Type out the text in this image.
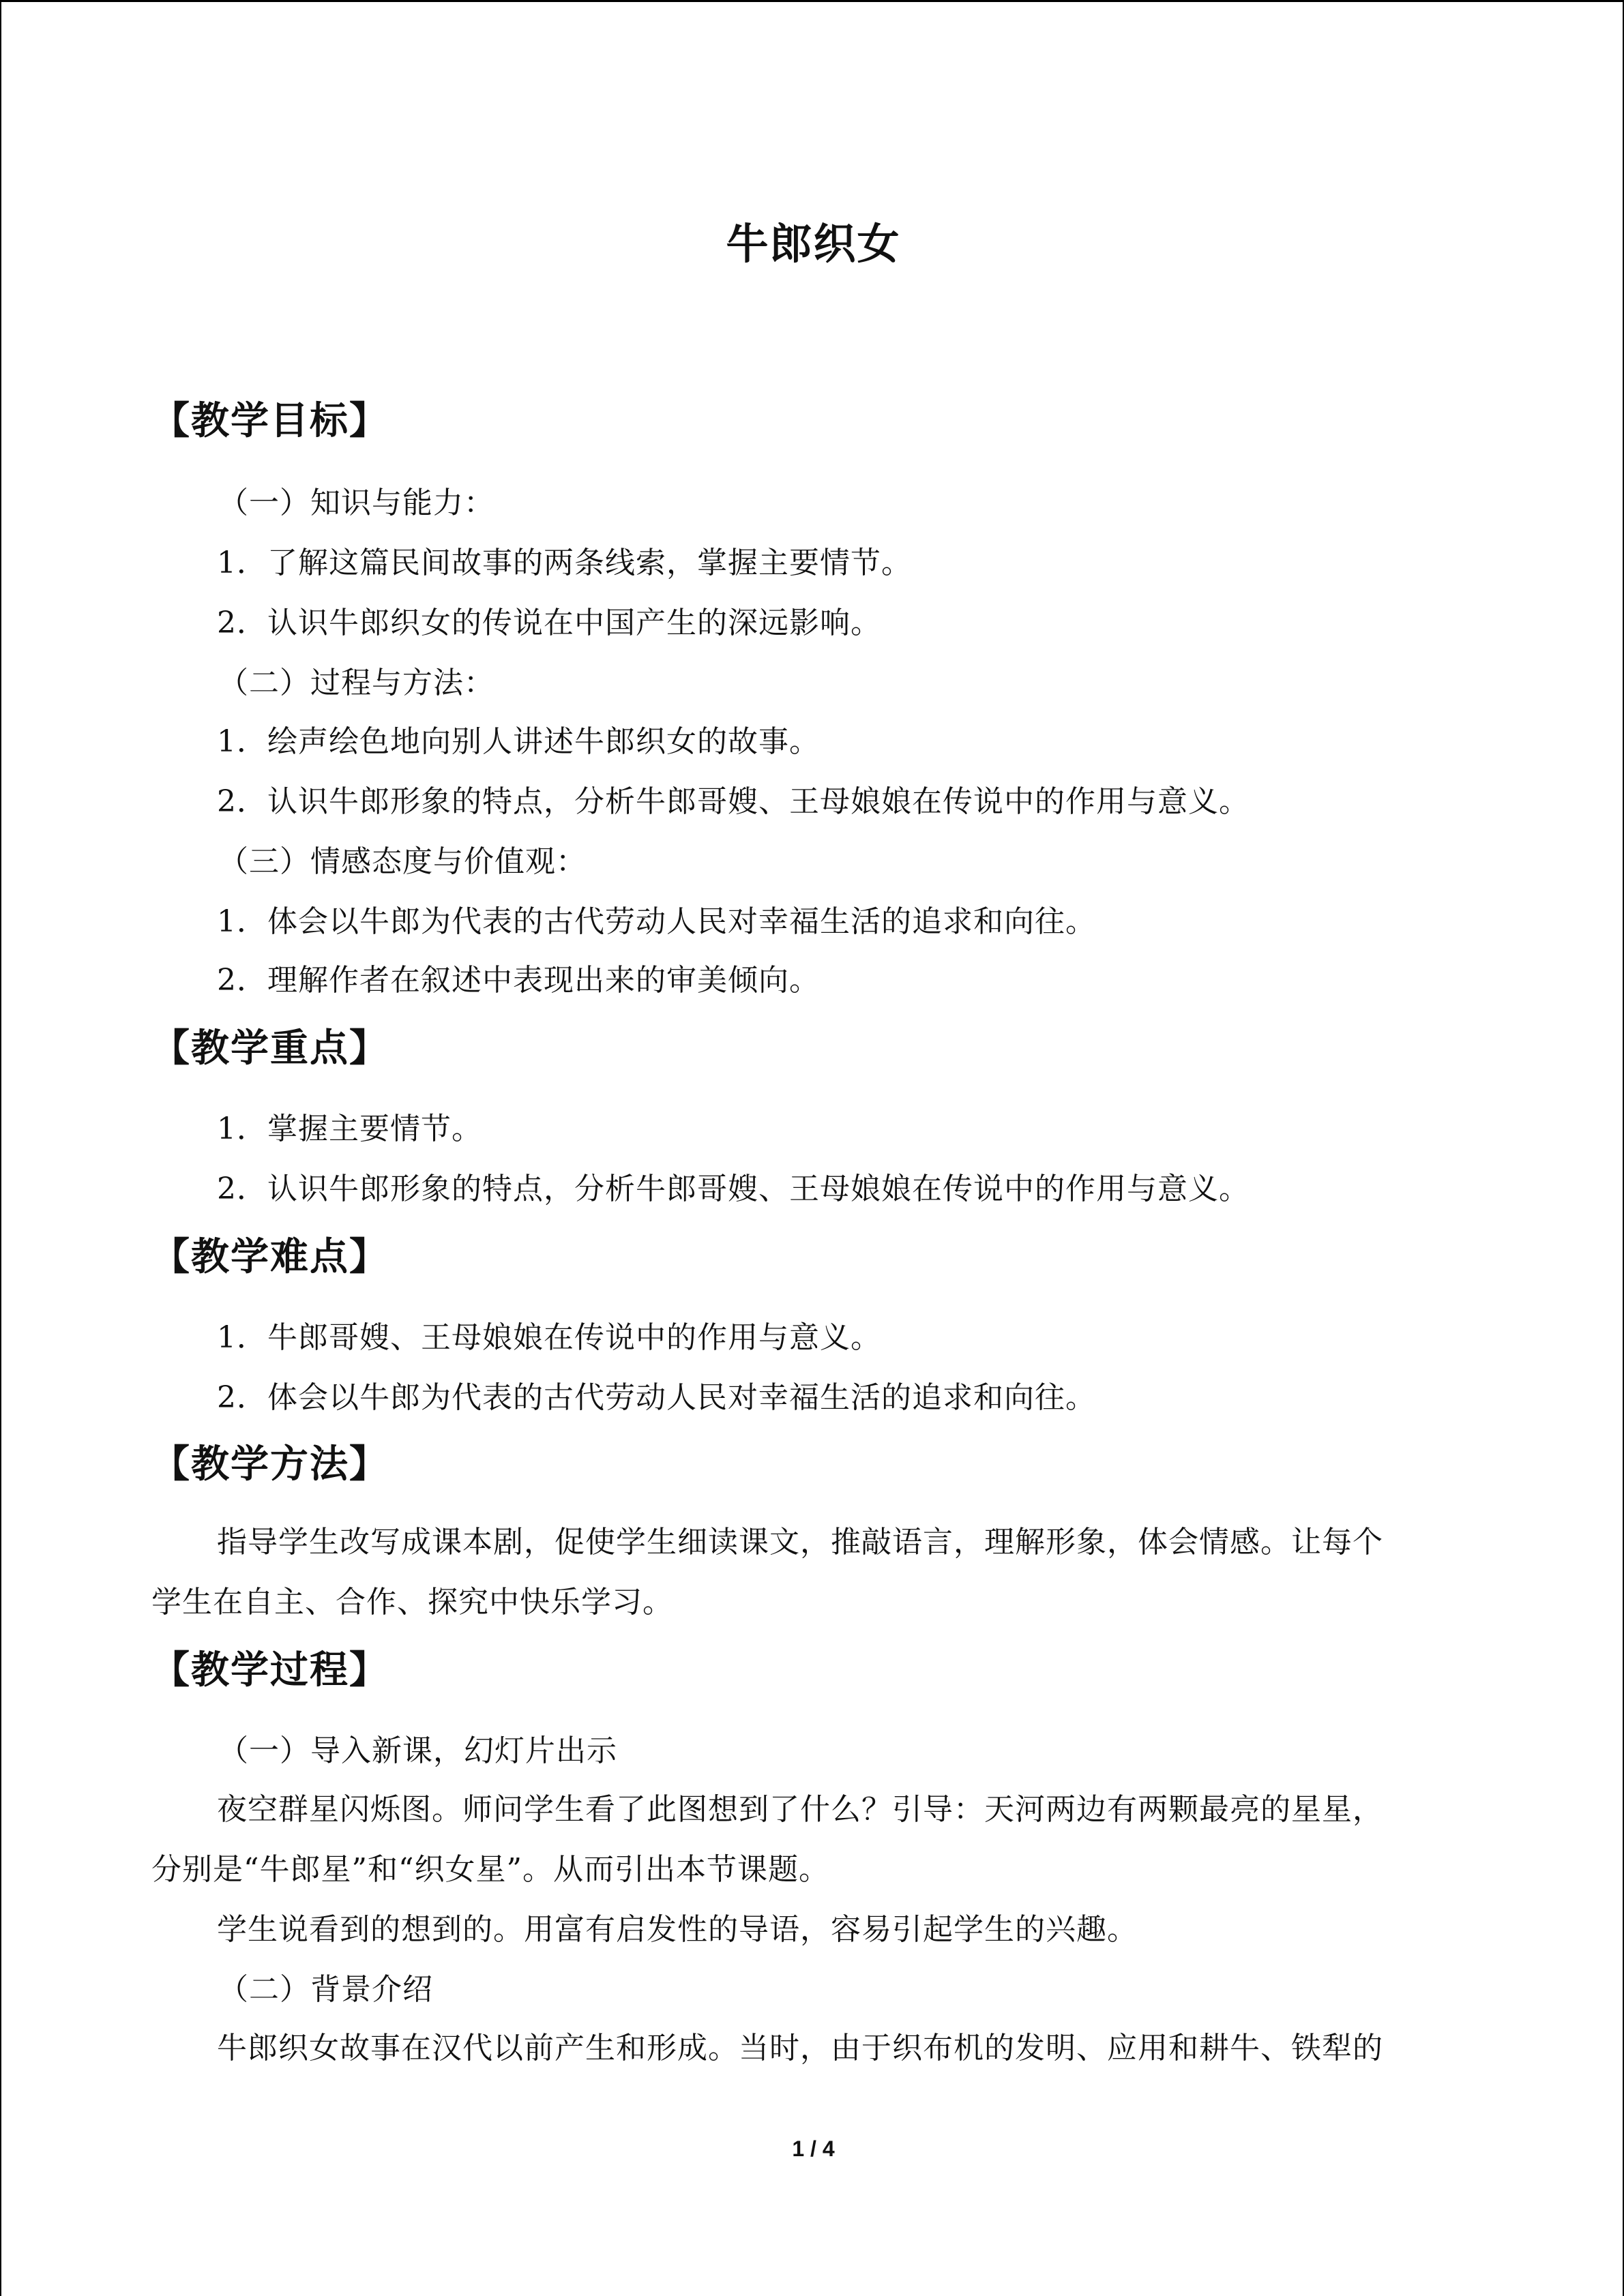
牛郎织女
【教学目标】
（一）知识与能力：
1．了解这篇民间故事的两条线索，掌握主要情节。
2．认识牛郎织女的传说在中国产生的深远影响。
（二）过程与方法：
1．绘声绘色地向别人讲述牛郎织女的故事。
2．认识牛郎形象的特点，分析牛郎哥嫂、王母娘娘在传说中的作用与意义。
（三）情感态度与价值观：
1．体会以牛郎为代表的古代劳动人民对幸福生活的追求和向往。
2．理解作者在叙述中表现出来的审美倾向。
【教学重点】
1．掌握主要情节。
2．认识牛郎形象的特点，分析牛郎哥嫂、王母娘娘在传说中的作用与意义。
【教学难点】
1．牛郎哥嫂、王母娘娘在传说中的作用与意义。
2．体会以牛郎为代表的古代劳动人民对幸福生活的追求和向往。
【教学方法】
指导学生改写成课本剧，促使学生细读课文，推敲语言，理解形象，体会情感。让每个
学生在自主、合作、探究中快乐学习。
【教学过程】
（一）导入新课，幻灯片出示
夜空群星闪烁图。师问学生看了此图想到了什么？引导：天河两边有两颗最亮的星星，
分别是“牛郎星”和“织女星”。从而引出本节课题。
学生说看到的想到的。用富有启发性的导语，容易引起学生的兴趣。
（二）背景介绍
牛郎织女故事在汉代以前产生和形成。当时，由于织布机的发明、应用和耕牛、铁犁的
1 / 4
